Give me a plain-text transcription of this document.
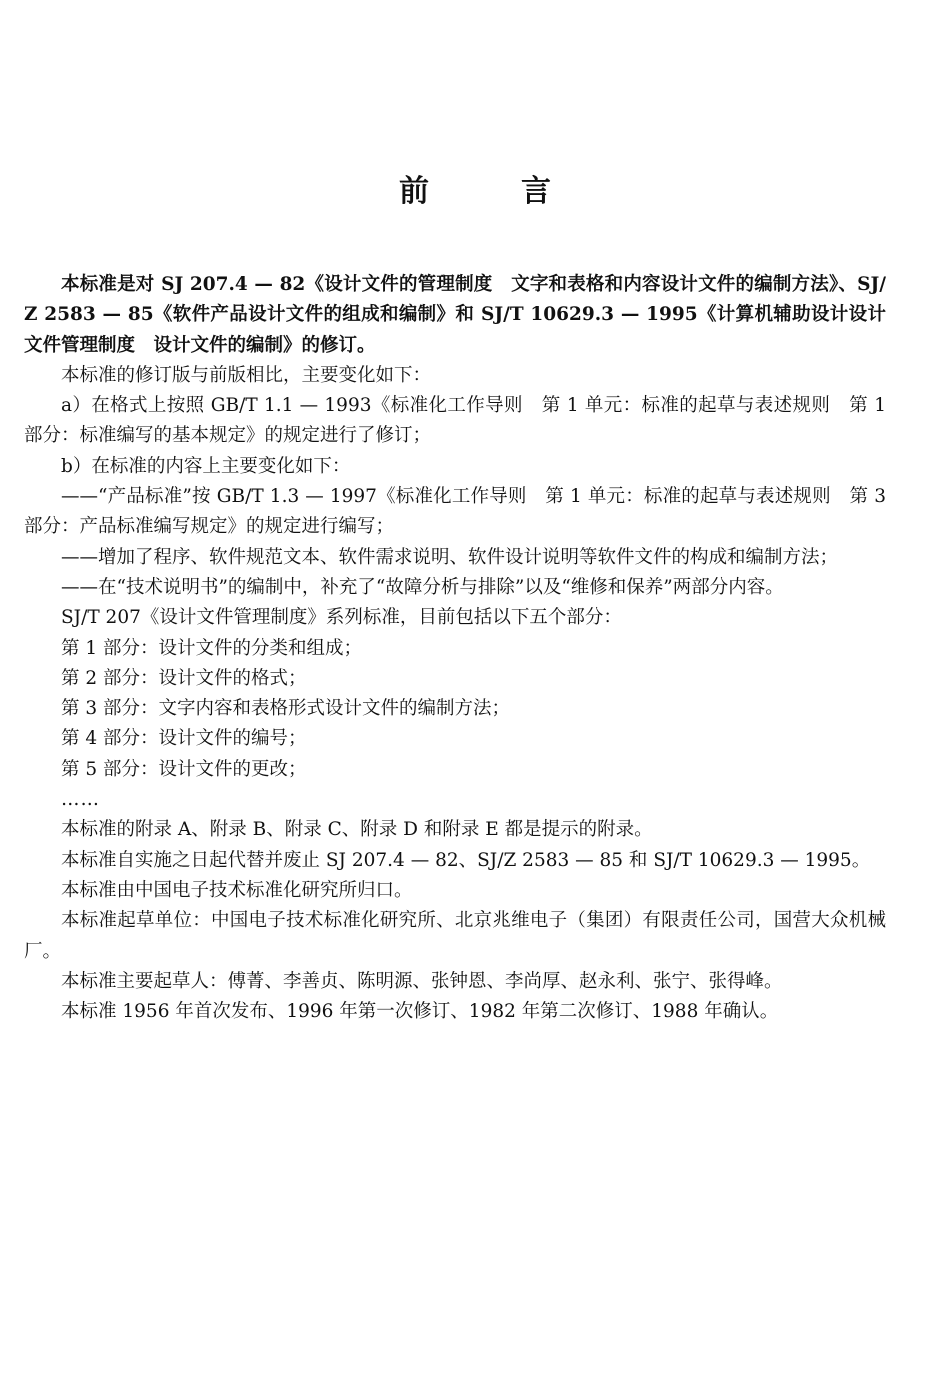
前	言

本标准是对 SJ 207.4 — 82《设计文件的管理制度　文字和表格和内容设计文件的编制方法》、SJ/Z 2583 — 85《软件产品设计文件的组成和编制》和 SJ/T 10629.3 — 1995《计算机辅助设计设计文件管理制度　设计文件的编制》的修订。

本标准的修订版与前版相比，主要变化如下：

a）在格式上按照 GB/T 1.1 — 1993《标准化工作导则　第 1 单元：标准的起草与表述规则　第 1 部分：标准编写的基本规定》的规定进行了修订；

b）在标准的内容上主要变化如下：

——“产品标准”按 GB/T 1.3 — 1997《标准化工作导则　第 1 单元：标准的起草与表述规则　第 3 部分：产品标准编写规定》的规定进行编写；

——增加了程序、软件规范文本、软件需求说明、软件设计说明等软件文件的构成和编制方法；

——在“技术说明书”的编制中，补充了“故障分析与排除”以及“维修和保养”两部分内容。

SJ/T 207《设计文件管理制度》系列标准，目前包括以下五个部分：

第 1 部分：设计文件的分类和组成；

第 2 部分：设计文件的格式；

第 3 部分：文字内容和表格形式设计文件的编制方法；

第 4 部分：设计文件的编号；

第 5 部分：设计文件的更改；

……

本标准的附录 A、附录 B、附录 C、附录 D 和附录 E 都是提示的附录。

本标准自实施之日起代替并废止 SJ 207.4 — 82、SJ/Z 2583 — 85 和 SJ/T 10629.3 — 1995。

本标准由中国电子技术标准化研究所归口。

本标准起草单位：中国电子技术标准化研究所、北京兆维电子（集团）有限责任公司，国营大众机械厂。

本标准主要起草人：傅菁、李善贞、陈明源、张钟恩、李尚厚、赵永利、张宁、张得峰。

本标准 1956 年首次发布、1996 年第一次修订、1982 年第二次修订、1988 年确认。
